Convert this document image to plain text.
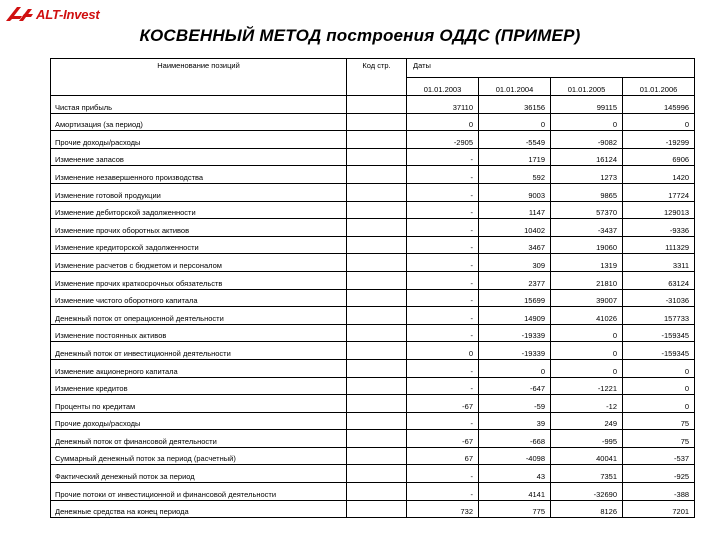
ALT-Invest
КОСВЕННЫЙ МЕТОД построения ОДДС (ПРИМЕР)
Наименование позиций	Код стр.	Даты			
		01.01.2003	01.01.2004	01.01.2005	01.01.2006
Чистая прибыль		37110	36156	99115	145996
Амортизация (за период)		0	0	0	0
Прочие доходы/расходы		-2905	-5549	-9082	-19299
Изменение запасов		-	1719	16124	6906
Изменение незавершенного производства		-	592	1273	1420
Изменение готовой продукции		-	9003	9865	17724
Изменение дебиторской задолженности		-	1147	57370	129013
Изменение прочих оборотных активов		-	10402	-3437	-9336
Изменение кредиторской задолженности		-	3467	19060	111329
Изменение расчетов с бюджетом и персоналом		-	309	1319	3311
Изменение прочих краткосрочных обязательств		-	2377	21810	63124
Изменение чистого оборотного капитала		-	15699	39007	-31036
Денежный поток от операционной деятельности		-	14909	41026	157733
Изменение постоянных активов		-	-19339	0	-159345
Денежный поток от инвестиционной деятельности		0	-19339	0	-159345
Изменение акционерного капитала		-	0	0	0
Изменение кредитов		-	-647	-1221	0
Проценты по кредитам		-67	-59	-12	0
Прочие доходы/расходы		-	39	249	75
Денежный поток от финансовой деятельности		-67	-668	-995	75
Суммарный денежный поток за период (расчетный)		67	-4098	40041	-537
Фактический денежный поток за период		-	43	7351	-925
Прочие потоки от инвестиционной и финансовой деятельности		-	4141	-32690	-388
Денежные средства на конец периода		732	775	8126	7201
